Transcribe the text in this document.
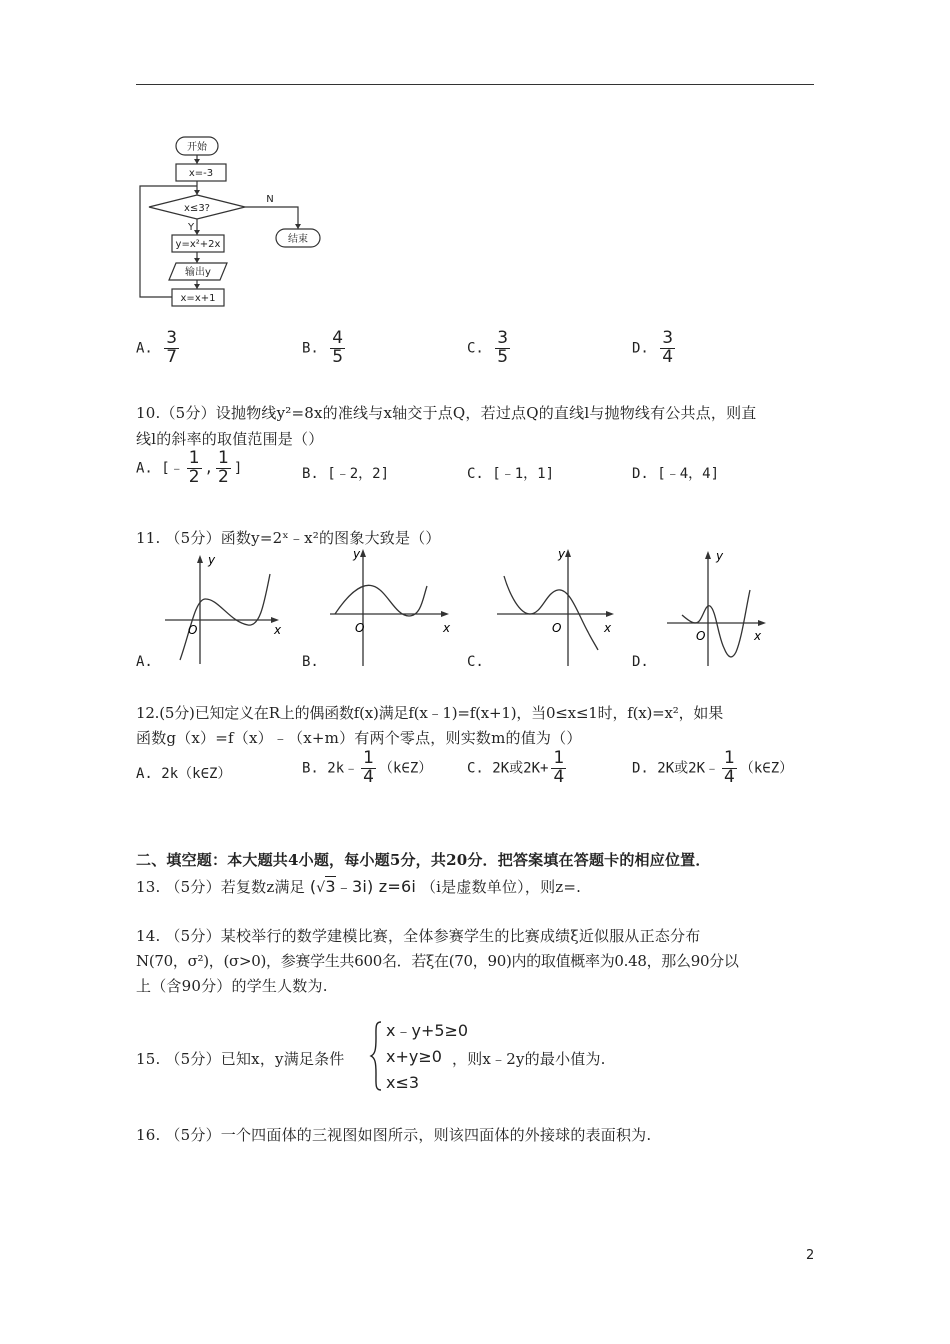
开始
x=-3
x≤3?
N
Y
y=x²+2x
输出y
x=x+1
结束
A. $\frac{3}{7}$	B. $\frac{4}{5}$	C. $\frac{3}{5}$	D. $\frac{3}{4}$
10.（5分）设抛物线y²=8x的准线与x轴交于点Q，若过点Q的直线l与抛物线有公共点，则直
线l的斜率的取值范围是（）
A. [﹣ $\frac{1}{2}$ , $\frac{1}{2}$ ]	B. [﹣2，2]	C. [﹣1，1]	D. [﹣4，4]
11. （5分）函数y=2ˣ﹣x²的图象大致是（）
y
x
O
y
x
O
y
x
O
y
x
O
A.	B.	C.	D.
12.(5分)已知定义在R上的偶函数f(x)满足f(x﹣1)=f(x+1)，当0≤x≤1时，f(x)=x²，如果
函数g（x）=f（x）﹣（x+m）有两个零点，则实数m的值为（）
A. 2k（k∈Z）	B. 2k﹣ $\frac{1}{4}$ （k∈Z） C. 2K或$2K+ \frac{1}{4}$	D. 2K或2K﹣ $\frac{1}{4}$ （k∈Z）
二、填空题：本大题共4小题，每小题5分，共20分．把答案填在答题卡的相应位置．
13. （5分）若复数z满足 (√3﹣3i) z=6i （i是虚数单位），则z=.
14. （5分）某校举行的数学建模比赛，全体参赛学生的比赛成绩ξ近似服从正态分布
N(70，σ²)，(σ>0)，参赛学生共600名．若ξ在(70，90)内的取值概率为0.48，那么90分以
上（含90分）的学生人数为.
15. （5分）已知x，y满足条件
x﹣y+5≥0
x+y≥0
x≤3
，则x﹣2y的最小值为.
16. （5分）一个四面体的三视图如图所示，则该四面体的外接球的表面积为.
2
